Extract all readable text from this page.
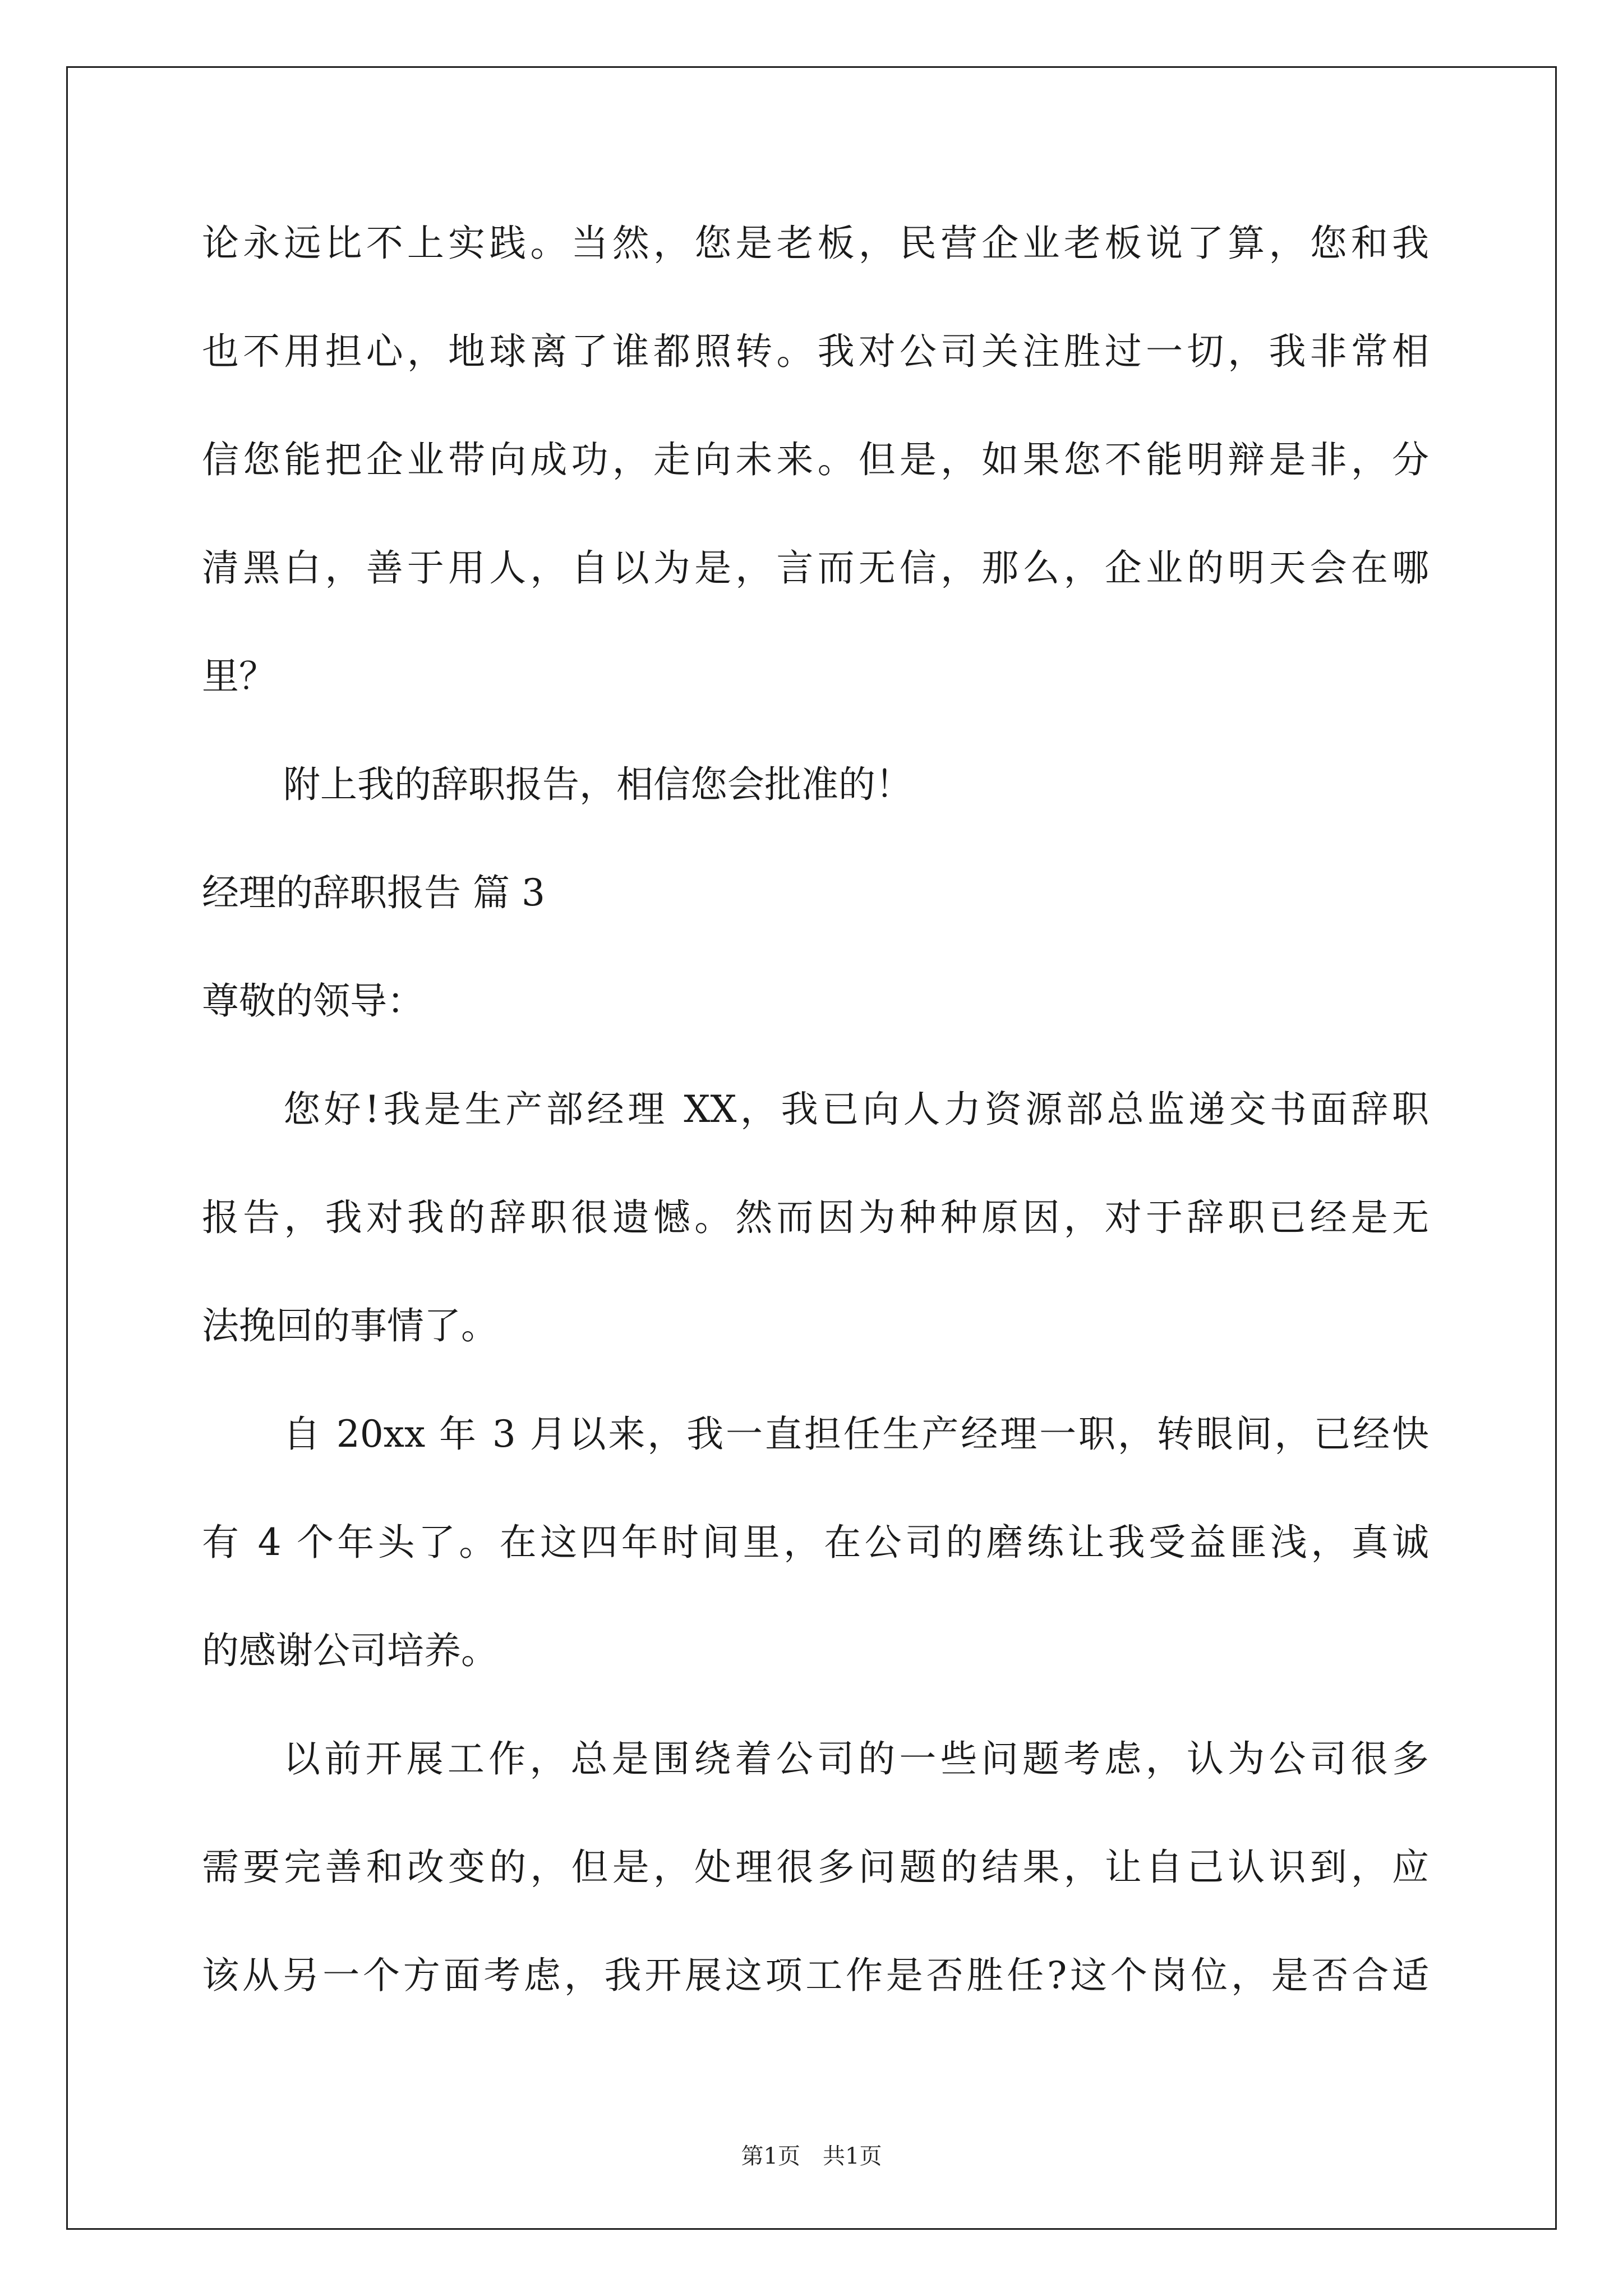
论永远比不上实践。当然，您是老板，民营企业老板说了算，您和我

也不用担心，地球离了谁都照转。我对公司关注胜过一切，我非常相

信您能把企业带向成功，走向未来。但是，如果您不能明辩是非，分

清黑白，善于用人，自以为是，言而无信，那么，企业的明天会在哪

里？

附上我的辞职报告，相信您会批准的！

经理的辞职报告 篇 3

尊敬的领导：

您好!我是生产部经理 XX，我已向人力资源部总监递交书面辞职

报告，我对我的辞职很遗憾。然而因为种种原因，对于辞职已经是无

法挽回的事情了。

自 20xx 年 3 月以来，我一直担任生产经理一职，转眼间，已经快

有 4 个年头了。在这四年时间里，在公司的磨练让我受益匪浅，真诚

的感谢公司培养。

以前开展工作，总是围绕着公司的一些问题考虑，认为公司很多

需要完善和改变的，但是，处理很多问题的结果，让自己认识到，应

该从另一个方面考虑，我开展这项工作是否胜任?这个岗位，是否合适

第1页　共1页
